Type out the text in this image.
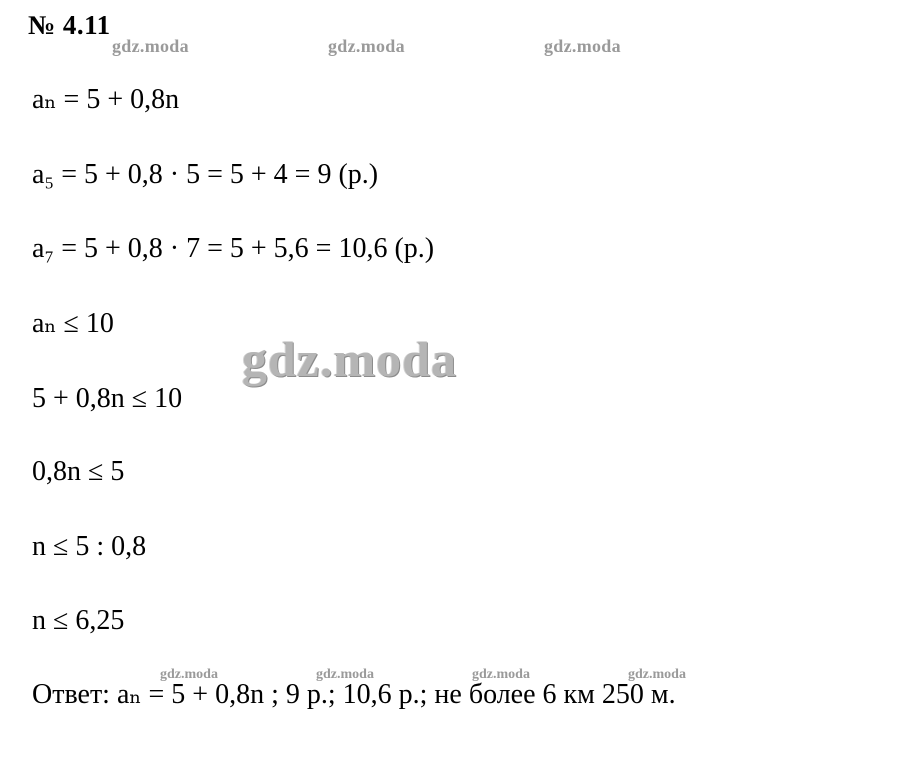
№ 4.11
gdz.moda	gdz.moda	gdz.moda
aₙ = 5 + 0,8n
a₅ = 5 + 0,8 · 5 = 5 + 4 = 9 (р.)
a₇ = 5 + 0,8 · 7 = 5 + 5,6 = 10,6 (р.)
aₙ ≤ 10
5 + 0,8n ≤ 10
0,8n ≤ 5
n ≤ 5 : 0,8
n ≤ 6,25
gdz.moda
gdz.moda	gdz.moda	gdz.moda	gdz.moda
Ответ: aₙ = 5 + 0,8n ; 9 р.; 10,6 р.; не более 6 км 250 м.
